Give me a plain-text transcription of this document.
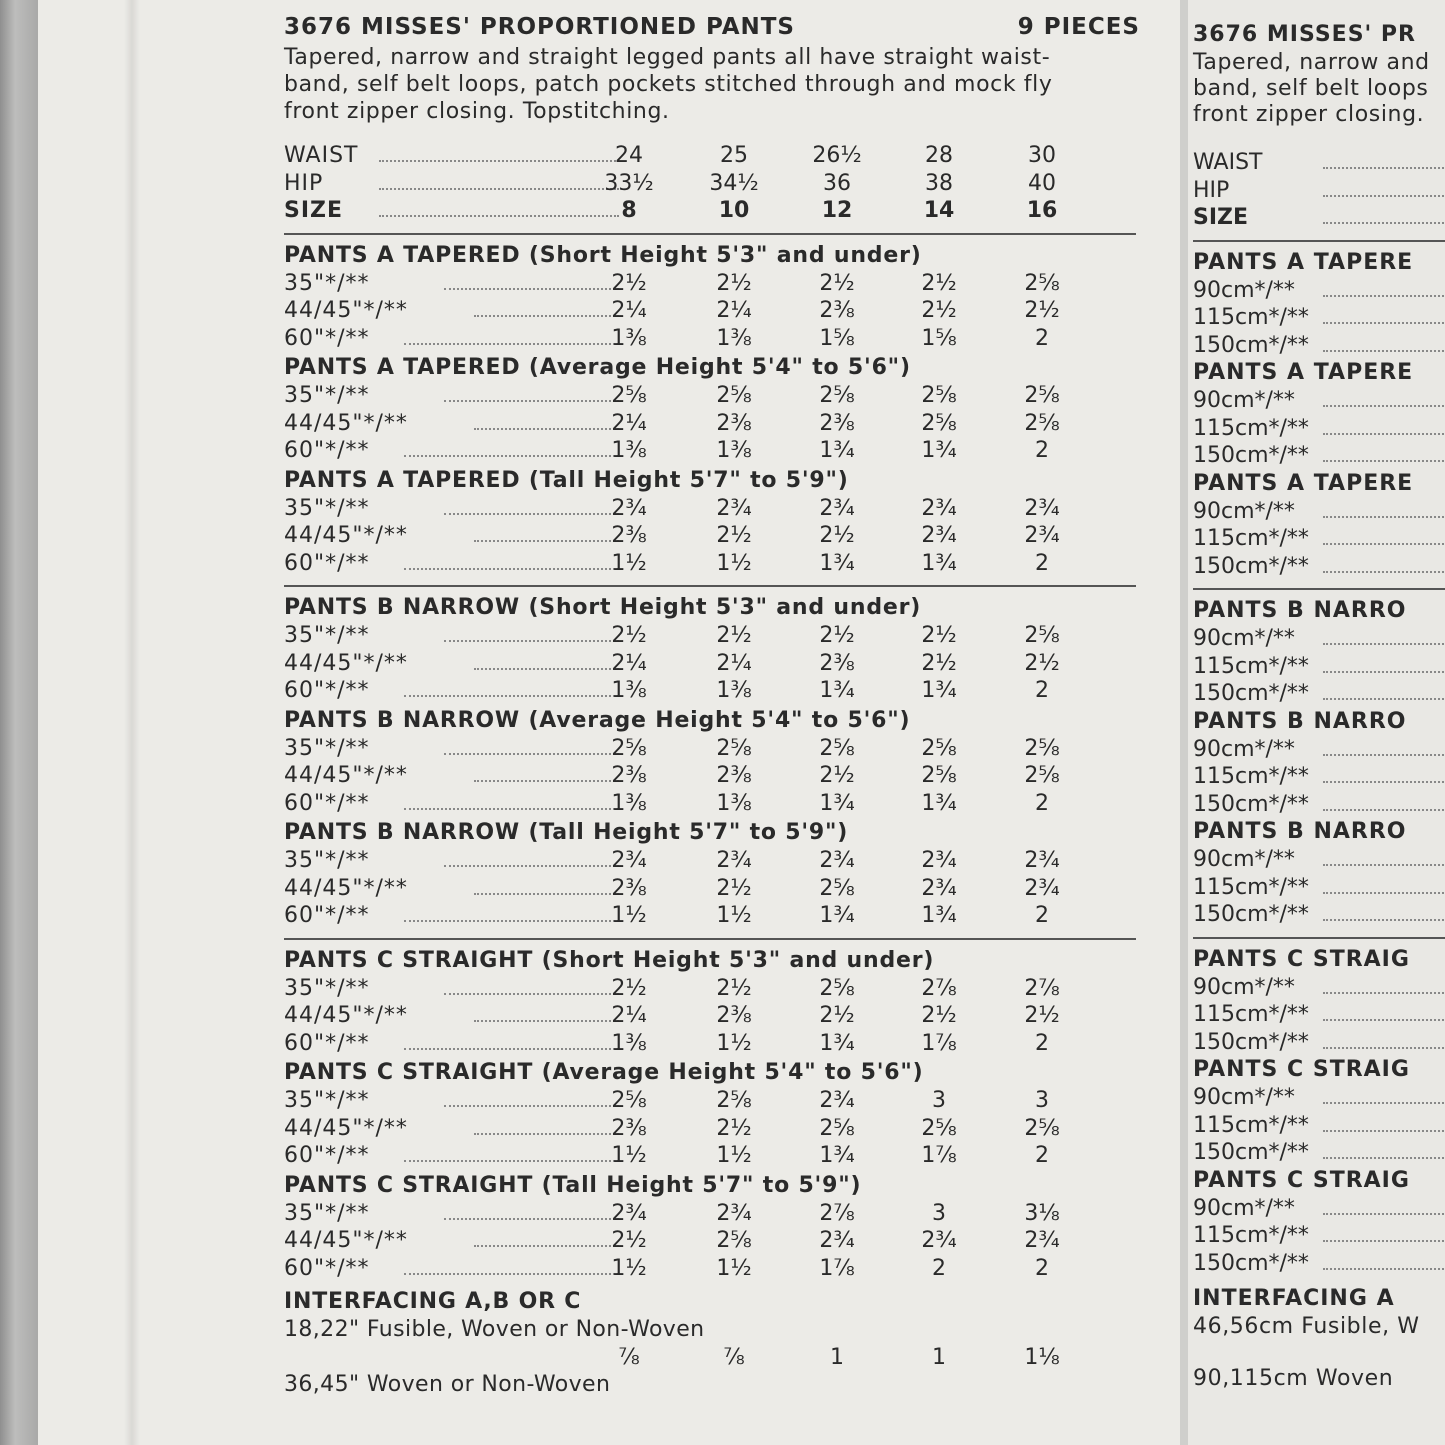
3676 MISSES' PROPORTIONED PANTS	9 PIECES
Tapered, narrow and straight legged pants all have straight waist-
band, self belt loops, patch pockets stitched through and mock fly
front zipper closing. Topstitching.
WAIST	24	25	26½	28	30
HIP	33½	34½	36	38	40
SIZE	8	10	12	14	16
PANTS A TAPERED (Short Height 5'3" and under)
35"*/**	2½	2½	2½	2½	2⅝
44/45"*/**	2¼	2¼	2⅜	2½	2½
60"*/**	1⅜	1⅜	1⅝	1⅝	2
PANTS A TAPERED (Average Height 5'4" to 5'6")
35"*/**	2⅝	2⅝	2⅝	2⅝	2⅝
44/45"*/**	2¼	2⅜	2⅜	2⅝	2⅝
60"*/**	1⅜	1⅜	1¾	1¾	2
PANTS A TAPERED (Tall Height 5'7" to 5'9")
35"*/**	2¾	2¾	2¾	2¾	2¾
44/45"*/**	2⅜	2½	2½	2¾	2¾
60"*/**	1½	1½	1¾	1¾	2
PANTS B NARROW (Short Height 5'3" and under)
35"*/**	2½	2½	2½	2½	2⅝
44/45"*/**	2¼	2¼	2⅜	2½	2½
60"*/**	1⅜	1⅜	1¾	1¾	2
PANTS B NARROW (Average Height 5'4" to 5'6")
35"*/**	2⅝	2⅝	2⅝	2⅝	2⅝
44/45"*/**	2⅜	2⅜	2½	2⅝	2⅝
60"*/**	1⅜	1⅜	1¾	1¾	2
PANTS B NARROW (Tall Height 5'7" to 5'9")
35"*/**	2¾	2¾	2¾	2¾	2¾
44/45"*/**	2⅜	2½	2⅝	2¾	2¾
60"*/**	1½	1½	1¾	1¾	2
PANTS C STRAIGHT (Short Height 5'3" and under)
35"*/**	2½	2½	2⅝	2⅞	2⅞
44/45"*/**	2¼	2⅜	2½	2½	2½
60"*/**	1⅜	1½	1¾	1⅞	2
PANTS C STRAIGHT (Average Height 5'4" to 5'6")
35"*/**	2⅝	2⅝	2¾	3	3
44/45"*/**	2⅜	2½	2⅝	2⅝	2⅝
60"*/**	1½	1½	1¾	1⅞	2
PANTS C STRAIGHT (Tall Height 5'7" to 5'9")
35"*/**	2¾	2¾	2⅞	3	3⅛
44/45"*/**	2½	2⅝	2¾	2¾	2¾
60"*/**	1½	1½	1⅞	2	2
INTERFACING A,B OR C
18,22" Fusible, Woven or Non-Woven
⅞	⅞	1	1	1⅛
36,45" Woven or Non-Woven
3676 MISSES' PR
Tapered, narrow and
band, self belt loops
front zipper closing.
WAIST
HIP
SIZE
PANTS A TAPERE
90cm*/**
115cm*/**
150cm*/**
PANTS A TAPERE
90cm*/**
115cm*/**
150cm*/**
PANTS A TAPERE
90cm*/**
115cm*/**
150cm*/**
PANTS B NARRO
90cm*/**
115cm*/**
150cm*/**
PANTS B NARRO
90cm*/**
115cm*/**
150cm*/**
PANTS B NARRO
90cm*/**
115cm*/**
150cm*/**
PANTS C STRAIG
90cm*/**
115cm*/**
150cm*/**
PANTS C STRAIG
90cm*/**
115cm*/**
150cm*/**
PANTS C STRAIG
90cm*/**
115cm*/**
150cm*/**
INTERFACING A
46,56cm Fusible, W
90,115cm Woven
